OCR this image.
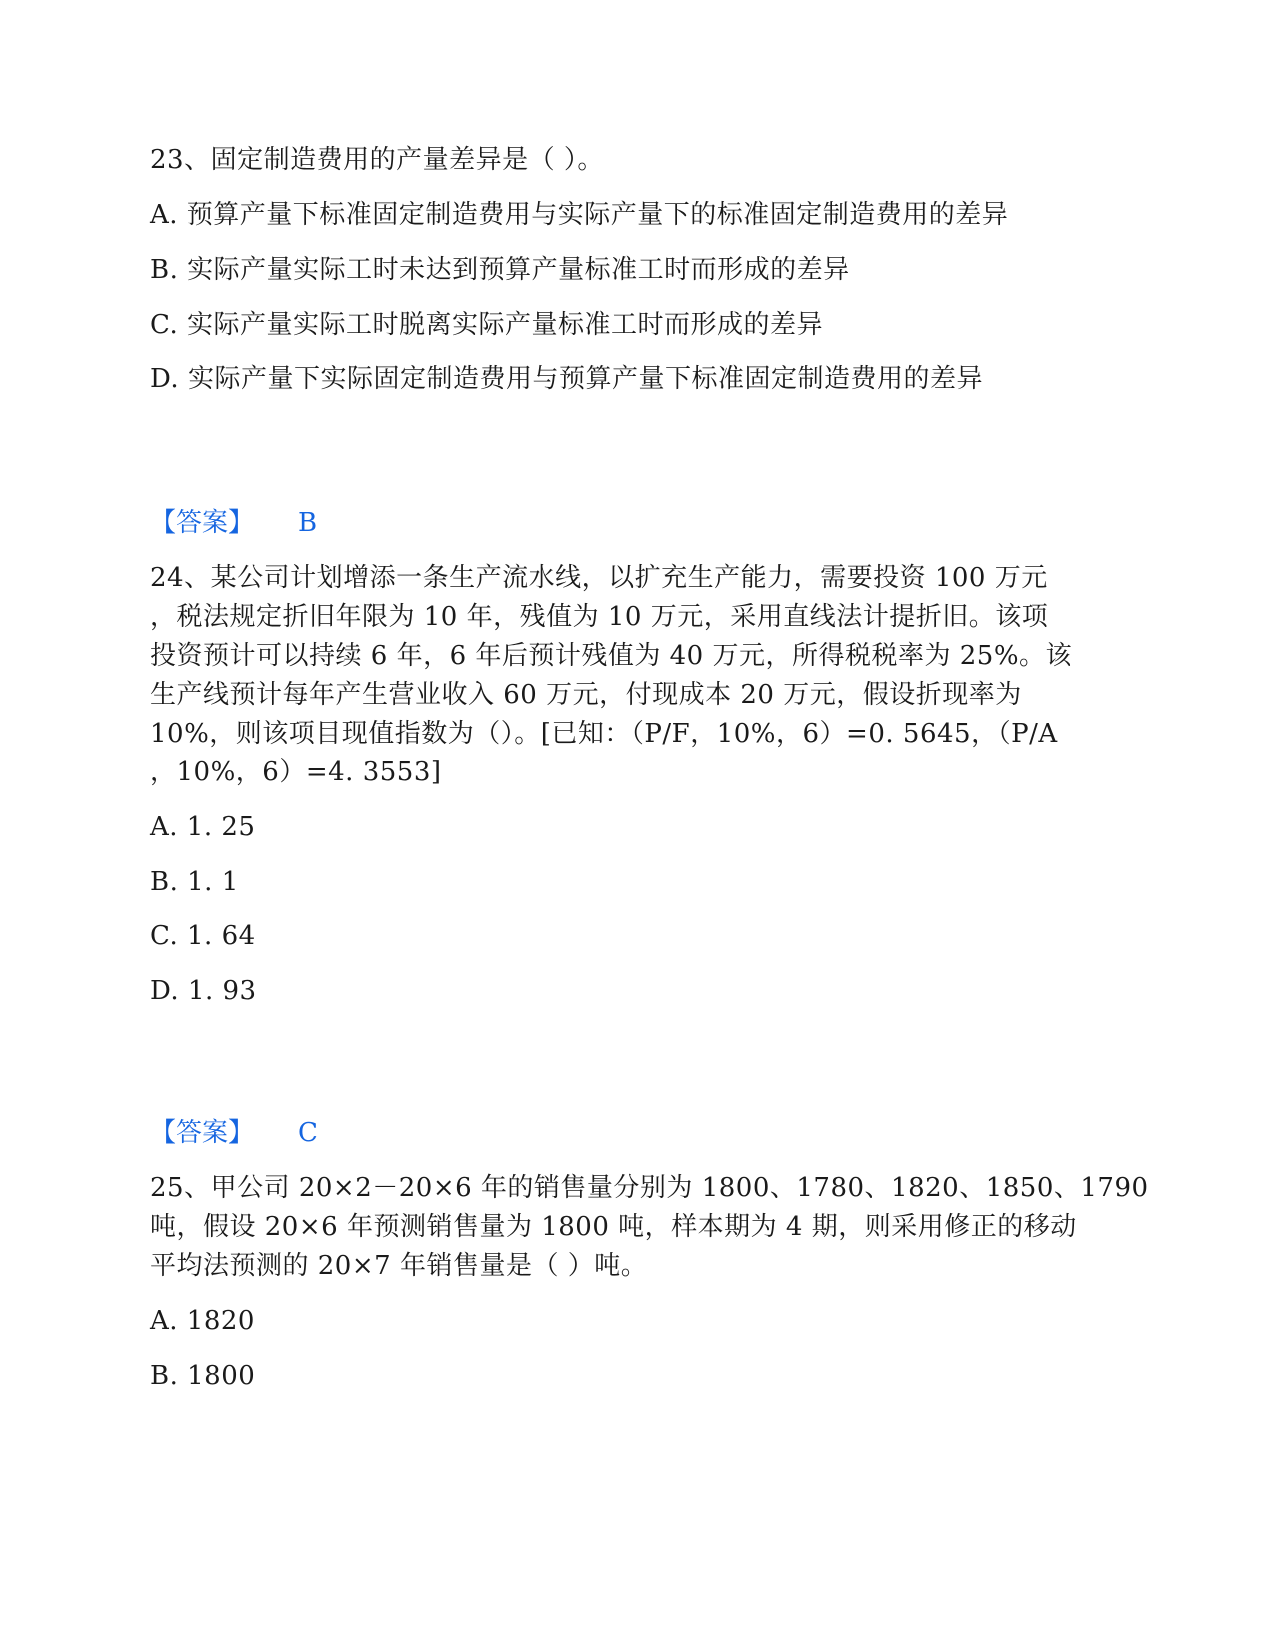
23、固定制造费用的产量差异是（ ）。
A. 预算产量下标准固定制造费用与实际产量下的标准固定制造费用的差异
B. 实际产量实际工时未达到预算产量标准工时而形成的差异
C. 实际产量实际工时脱离实际产量标准工时而形成的差异
D. 实际产量下实际固定制造费用与预算产量下标准固定制造费用的差异
【答案】 B
24、某公司计划增添一条生产流水线，以扩充生产能力，需要投资 100 万元
，税法规定折旧年限为 10 年，残值为 10 万元，采用直线法计提折旧。该项
投资预计可以持续 6 年，6 年后预计残值为 40 万元，所得税税率为 25%。该
生产线预计每年产生营业收入 60 万元，付现成本 20 万元，假设折现率为
10%，则该项目现值指数为（）。[已知：（P/F，10%，6）=0. 5645，（P/A
，10%，6）=4. 3553]
A. 1. 25
B. 1. 1
C. 1. 64
D. 1. 93
【答案】 C
25、甲公司 20×2－20×6 年的销售量分别为 1800、1780、1820、1850、1790
吨，假设 20×6 年预测销售量为 1800 吨，样本期为 4 期，则采用修正的移动
平均法预测的 20×7 年销售量是（ ）吨。
A. 1820
B. 1800
